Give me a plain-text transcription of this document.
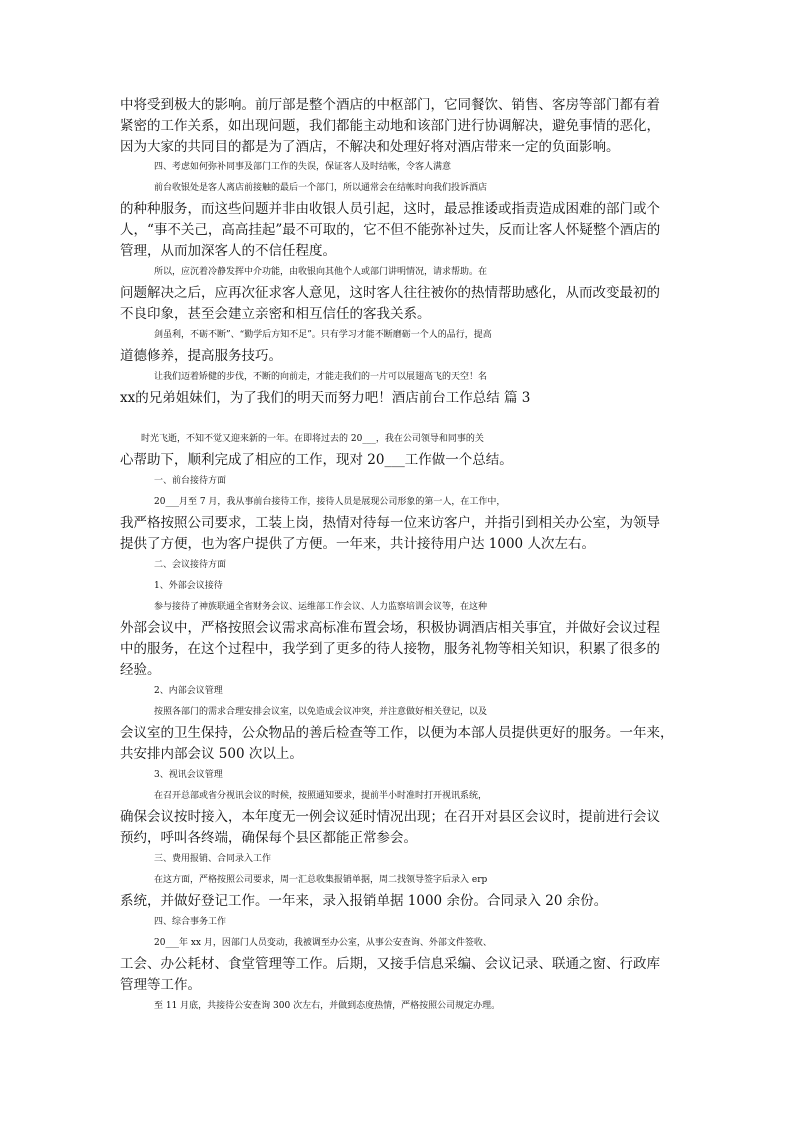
中将受到极大的影响。前厅部是整个酒店的中枢部门，它同餐饮、销售、客房等部门都有着
紧密的工作关系，如出现问题，我们都能主动地和该部门进行协调解决，避免事情的恶化，
因为大家的共同目的都是为了酒店，不解决和处理好将对酒店带来一定的负面影响。
四、考虑如何弥补同事及部门工作的失误，保证客人及时结帐，令客人满意
前台收银处是客人离店前接触的最后一个部门，所以通常会在结帐时向我们投诉酒店
的种种服务，而这些问题并非由收银人员引起，这时，最忌推诿或指责造成困难的部门或个
人，“事不关己，高高挂起”最不可取的，它不但不能弥补过失，反而让客人怀疑整个酒店的
管理，从而加深客人的不信任程度。
所以，应沉着冷静发挥中介功能，由收银向其他个人或部门讲明情况，请求帮助。在
问题解决之后，应再次征求客人意见，这时客人往往被你的热情帮助感化，从而改变最初的
不良印象，甚至会建立亲密和相互信任的客我关系。
剑虽利，不砺不断”、“勤学后方知不足”。只有学习才能不断磨砺一个人的品行，提高
道德修养，提高服务技巧。
让我们迈着矫健的步伐，不断的向前走，才能走我们的一片可以展翅高飞的天空！名
xx的兄弟姐妹们，为了我们的明天而努力吧！酒店前台工作总结 篇 3
时光飞逝，不知不觉又迎来新的一年。在即将过去的 20___，我在公司领导和同事的关
心帮助下，顺利完成了相应的工作，现对 20___工作做一个总结。
一、前台接待方面
20___月至 7 月，我从事前台接待工作，接待人员是展现公司形象的第一人，在工作中，
我严格按照公司要求，工装上岗，热情对待每一位来访客户，并指引到相关办公室，为领导
提供了方便，也为客户提供了方便。一年来，共计接待用户达 1000 人次左右。
二、会议接待方面
1、外部会议接待
参与接待了神族联通全省财务会议、运维部工作会议、人力监察培训会议等，在这种
外部会议中，严格按照会议需求高标准布置会场，积极协调酒店相关事宜，并做好会议过程
中的服务，在这个过程中，我学到了更多的待人接物，服务礼物等相关知识，积累了很多的
经验。
2、内部会议管理
按照各部门的需求合理安排会议室，以免造成会议冲突，并注意做好相关登记，以及
会议室的卫生保持，公众物品的善后检查等工作，以便为本部人员提供更好的服务。一年来，
共安排内部会议 500 次以上。
3、视讯会议管理
在召开总部或省分视讯会议的时候，按照通知要求，提前半小时准时打开视讯系统，
确保会议按时接入，本年度无一例会议延时情况出现；在召开对县区会议时，提前进行会议
预约，呼叫各终端，确保每个县区都能正常参会。
三、费用报销、合同录入工作
在这方面，严格按照公司要求，周一汇总收集报销单据，周二找领导签字后录入 erp
系统，并做好登记工作。一年来，录入报销单据 1000 余份。合同录入 20 余份。
四、综合事务工作
20___年 xx 月，因部门人员变动，我被调至办公室，从事公安查询、外部文件签收、
工会、办公耗材、食堂管理等工作。后期，又接手信息采编、会议记录、联通之窗、行政库
管理等工作。
至 11 月底，共接待公安查询 300 次左右，并做到态度热情，严格按照公司规定办理。
